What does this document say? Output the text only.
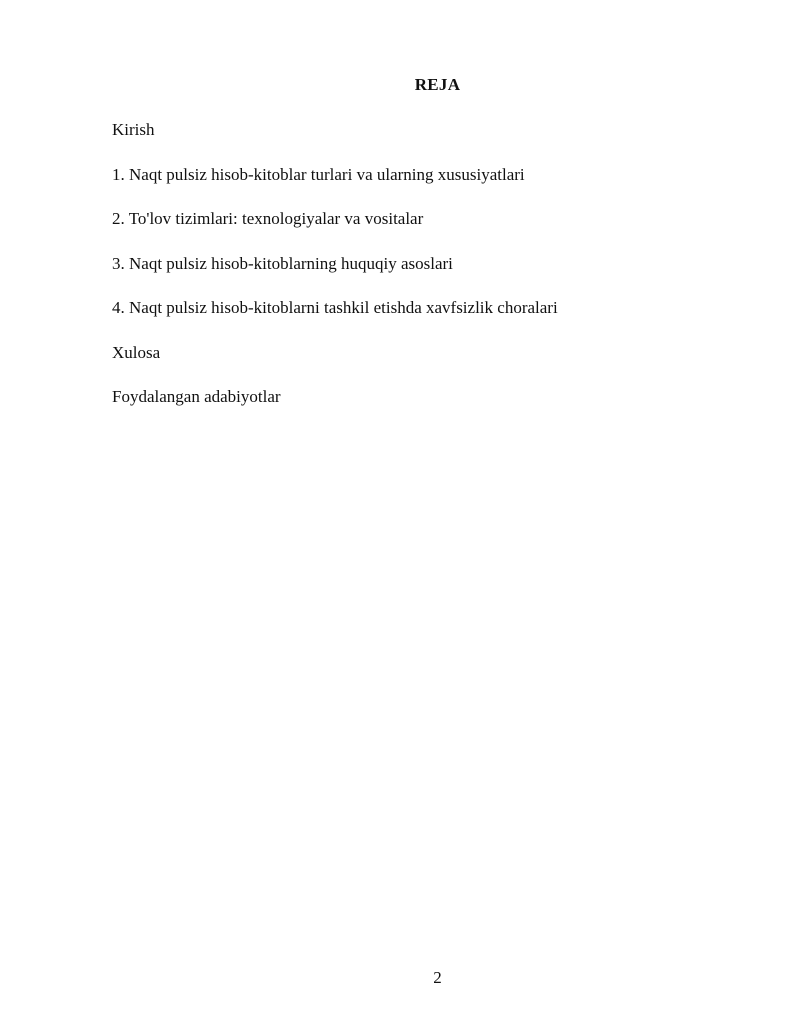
REJA
Kirish
1. Naqt pulsiz hisob-kitoblar turlari va ularning xususiyatlari
2. To'lov tizimlari: texnologiyalar va vositalar
3. Naqt pulsiz hisob-kitoblarning huquqiy asoslari
4. Naqt pulsiz hisob-kitoblarni tashkil etishda xavfsizlik choralari
Xulosa
Foydalangan adabiyotlar
2
